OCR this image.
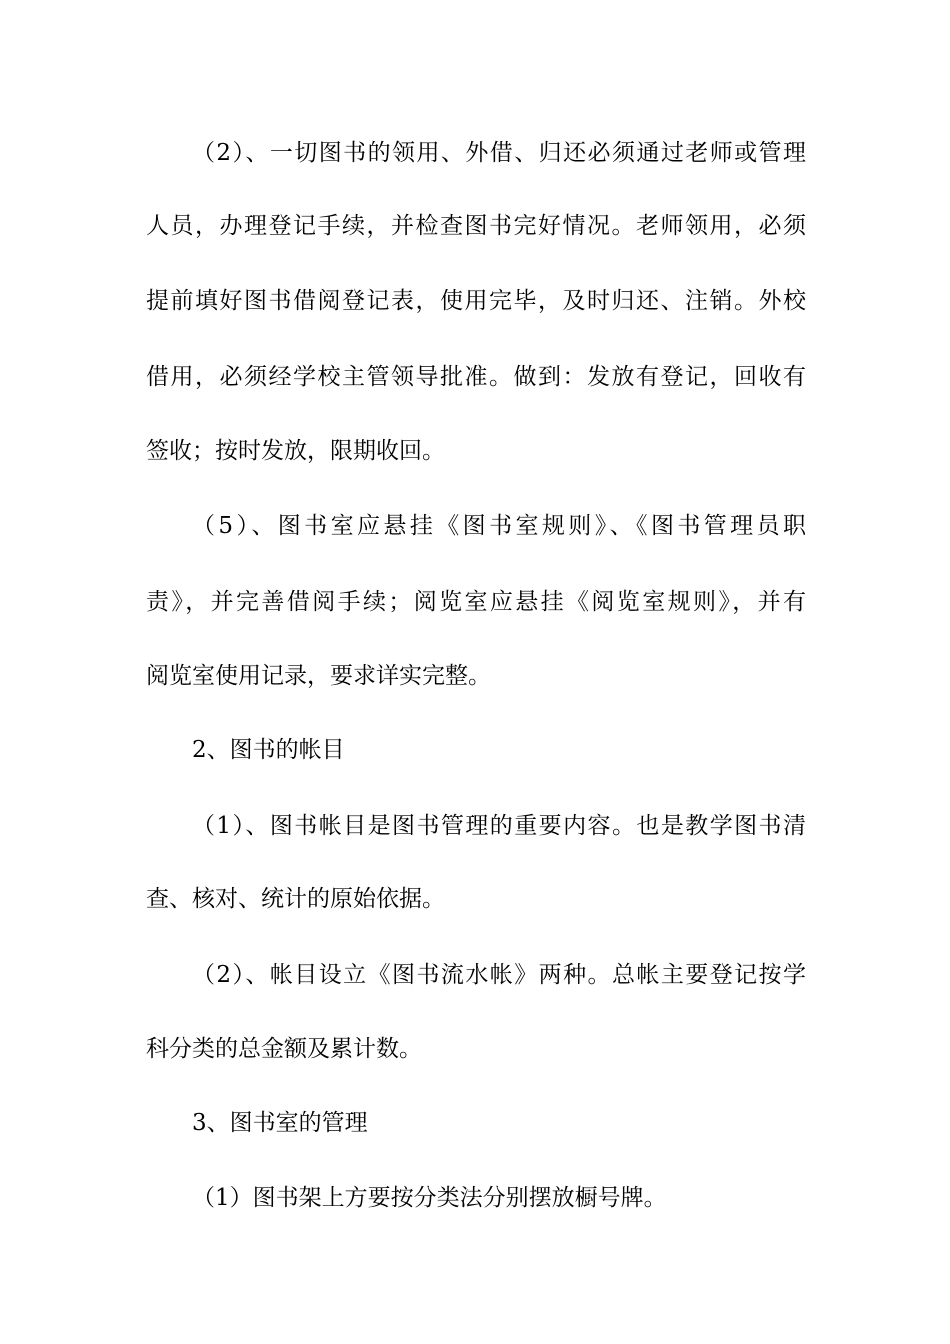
（2）、一切图书的领用、外借、归还必须通过老师或管理
人员，办理登记手续，并检查图书完好情况。老师领用，必须
提前填好图书借阅登记表，使用完毕，及时归还、注销。外校
借用，必须经学校主管领导批准。做到：发放有登记，回收有
签收；按时发放，限期收回。
（5）、图书室应悬挂《图书室规则》、《图书管理员职
责》，并完善借阅手续；阅览室应悬挂《阅览室规则》，并有
阅览室使用记录，要求详实完整。
2、图书的帐目
（1）、图书帐目是图书管理的重要内容。也是教学图书清
查、核对、统计的原始依据。
（2）、帐目设立《图书流水帐》两种。总帐主要登记按学
科分类的总金额及累计数。
3、图书室的管理
（1）图书架上方要按分类法分别摆放橱号牌。
